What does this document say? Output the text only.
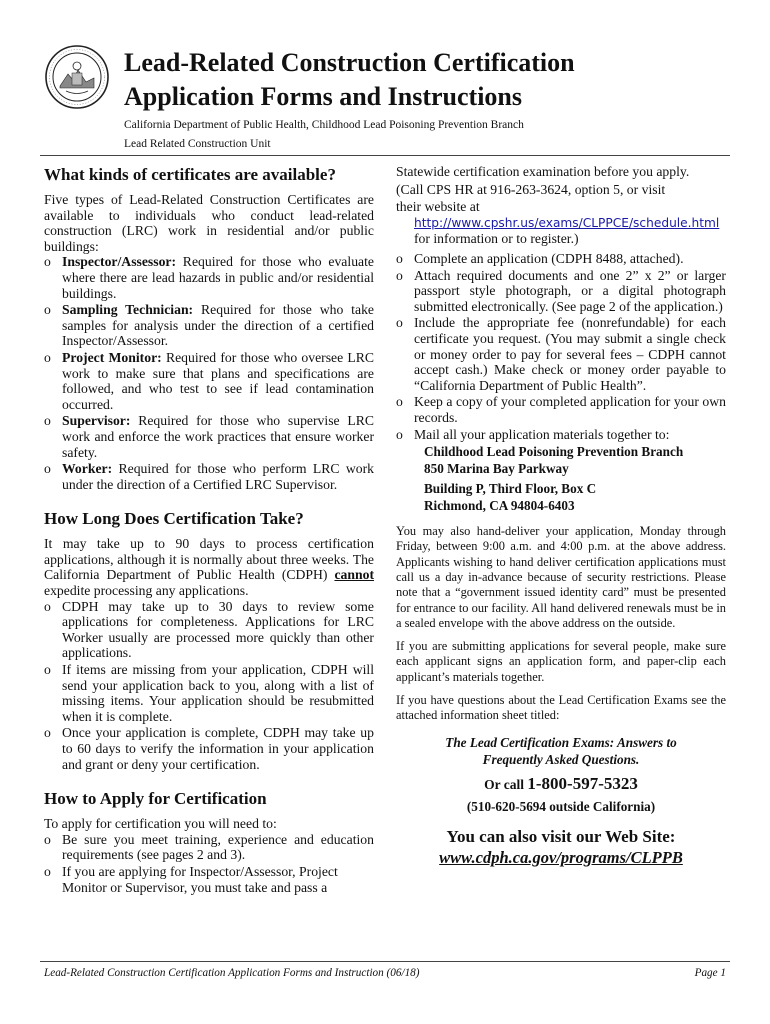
Lead-Related Construction Certification
Application Forms and Instructions
California Department of Public Health, Childhood Lead Poisoning Prevention Branch
Lead Related Construction Unit
What kinds of certificates are available?

Five types of Lead-Related Construction Certificates are available to individuals who conduct lead-related construction (LRC) work in residential and/or public buildings:

o Inspector/Assessor: Required for those who evaluate where there are lead hazards in public and/or residential buildings.
o Sampling Technician: Required for those who take samples for analysis under the direction of a certified Inspector/Assessor.
o Project Monitor: Required for those who oversee LRC work to make sure that plans and specifications are followed, and who test to see if lead contamination occurred.
o Supervisor: Required for those who supervise LRC work and enforce the work practices that ensure worker safety.
o Worker: Required for those who perform LRC work under the direction of a Certified LRC Supervisor.
How Long Does Certification Take?

It may take up to 90 days to process certification applications, although it is normally about three weeks. The California Department of Public Health (CDPH) cannot expedite processing any applications.

o CDPH may take up to 30 days to review some applications for completeness. Applications for LRC Worker usually are processed more quickly than other applications.
o If items are missing from your application, CDPH will send your application back to you, along with a list of missing items. Your application should be resubmitted when it is complete.
o Once your application is complete, CDPH may take up to 60 days to verify the information in your application and grant or deny your certification.
How to Apply for Certification

To apply for certification you will need to:

o Be sure you meet training, experience and education requirements (see pages 2 and 3).
o If you are applying for Inspector/Assessor, Project Monitor or Supervisor, you must take and pass a

Statewide certification examination before you apply.

(Call CPS HR at 916-263-3624, option 5, or visit

their website at

http://www.cpshr.us/exams/CLPPCE/schedule.html

for information or to register.)

o Complete an application (CDPH 8488, attached).
o Attach required documents and one 2” x 2” or larger passport style photograph, or a digital photograph submitted electronically. (See page 2 of the application.)
o Include the appropriate fee (nonrefundable) for each certificate you request. (You may submit a single check or money order to pay for several fees – CDPH cannot accept cash.) Make check or money order payable to “California Department of Public Health”.
o Keep a copy of your completed application for your own records.
o Mail all your application materials together to:
Childhood Lead Poisoning Prevention Branch
850 Marina Bay Parkway
Building P, Third Floor, Box C
Richmond, CA 94804-6403

You may also hand-deliver your application, Monday through Friday, between 9:00 a.m. and 4:00 p.m. at the above address. Applicants wishing to hand deliver certification applications must call us a day in-advance because of security restrictions. Please note that a “government issued identity card” must be presented for entrance to our facility. All hand delivered renewals must be in a sealed envelope with the above address on the outside.

If you are submitting applications for several people, make sure each applicant signs an application form, and paper-clip each applicant’s materials together.

If you have questions about the Lead Certification Exams see the attached information sheet titled:

The Lead Certification Exams: Answers to
Frequently Asked Questions.
Or call 1-800-597-5323
(510-620-5694 outside California)
You can also visit our Web Site:
www.cdph.ca.gov/programs/CLPPB
Lead-Related Construction Certification Application Forms and Instruction (06/18)	Page 1
